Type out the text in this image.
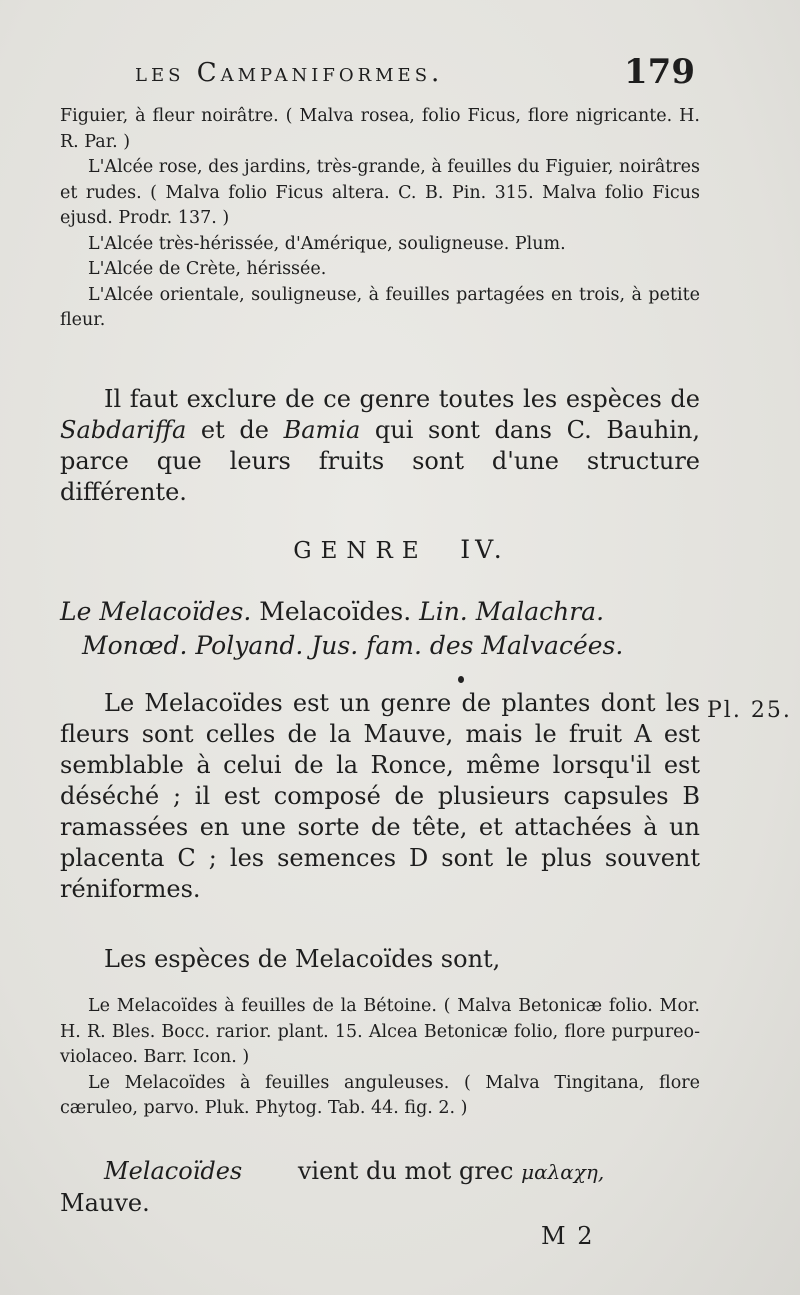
les Campaniformes.	179

Figuier, à fleur noirâtre. ( Malva rosea, folio Ficus, flore nigricante. H. R. Par. )

L'Alcée rose, des jardins, très-grande, à feuilles du Figuier, noirâtres et rudes. ( Malva folio Ficus altera. C. B. Pin. 315. Malva folio Ficus ejusd. Prodr. 137. )

L'Alcée très-hérissée, d'Amérique, souligneuse. Plum.

L'Alcée de Crète, hérissée.

L'Alcée orientale, souligneuse, à feuilles partagées en trois, à petite fleur.

Il faut exclure de ce genre toutes les espèces de Sabdariffa et de Bamia qui sont dans C. Bauhin, parce que leurs fruits sont d'une structure différente.

GENRE IV.
Le Melacoïdes. Melacoïdes. Lin. Malachra.
Monœd. Polyand. Jus. fam. des Malvacées.
Pl. 25.

Le Melacoïdes est un genre de plantes dont les fleurs sont celles de la Mauve, mais le fruit A est semblable à celui de la Ronce, même lorsqu'il est déséché ; il est composé de plusieurs capsules B ramassées en une sorte de tête, et attachées à un placenta C ; les semences D sont le plus souvent réniformes.

Les espèces de Melacoïdes sont,

Le Melacoïdes à feuilles de la Bétoine. ( Malva Betonicæ folio. Mor. H. R. Bles. Bocc. rarior. plant. 15. Alcea Betonicæ folio, flore purpureo-violaceo. Barr. Icon. )

Le Melacoïdes à feuilles anguleuses. ( Malva Tingitana, flore cæruleo, parvo. Pluk. Phytog. Tab. 44. fig. 2. )

Melacoïdes vient du mot grec μαλαχη,

Mauve.

M 2
